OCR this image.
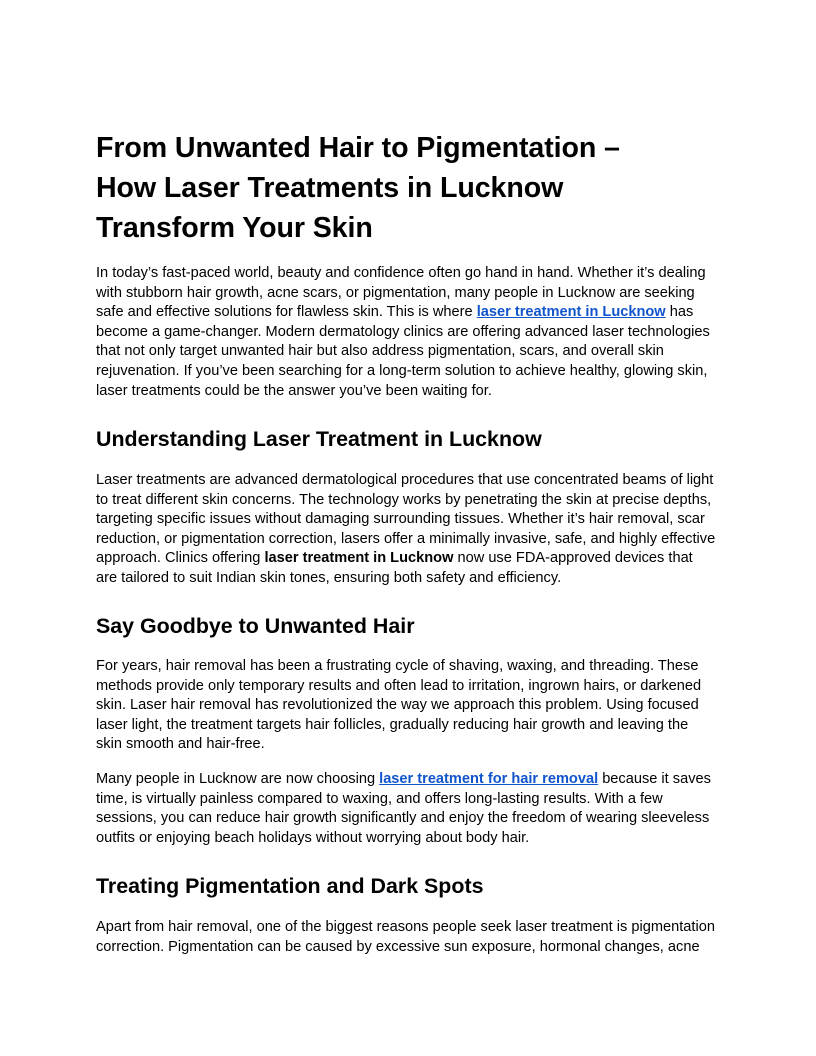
From Unwanted Hair to Pigmentation –
How Laser Treatments in Lucknow
Transform Your Skin

In today’s fast-paced world, beauty and confidence often go hand in hand. Whether it’s dealing
with stubborn hair growth, acne scars, or pigmentation, many people in Lucknow are seeking
safe and effective solutions for flawless skin. This is where laser treatment in Lucknow has
become a game-changer. Modern dermatology clinics are offering advanced laser technologies
that not only target unwanted hair but also address pigmentation, scars, and overall skin
rejuvenation. If you’ve been searching for a long-term solution to achieve healthy, glowing skin,
laser treatments could be the answer you’ve been waiting for.

Understanding Laser Treatment in Lucknow

Laser treatments are advanced dermatological procedures that use concentrated beams of light
to treat different skin concerns. The technology works by penetrating the skin at precise depths,
targeting specific issues without damaging surrounding tissues. Whether it’s hair removal, scar
reduction, or pigmentation correction, lasers offer a minimally invasive, safe, and highly effective
approach. Clinics offering laser treatment in Lucknow now use FDA-approved devices that
are tailored to suit Indian skin tones, ensuring both safety and efficiency.

Say Goodbye to Unwanted Hair

For years, hair removal has been a frustrating cycle of shaving, waxing, and threading. These
methods provide only temporary results and often lead to irritation, ingrown hairs, or darkened
skin. Laser hair removal has revolutionized the way we approach this problem. Using focused
laser light, the treatment targets hair follicles, gradually reducing hair growth and leaving the
skin smooth and hair-free.

Many people in Lucknow are now choosing laser treatment for hair removal because it saves
time, is virtually painless compared to waxing, and offers long-lasting results. With a few
sessions, you can reduce hair growth significantly and enjoy the freedom of wearing sleeveless
outfits or enjoying beach holidays without worrying about body hair.

Treating Pigmentation and Dark Spots

Apart from hair removal, one of the biggest reasons people seek laser treatment is pigmentation
correction. Pigmentation can be caused by excessive sun exposure, hormonal changes, acne
